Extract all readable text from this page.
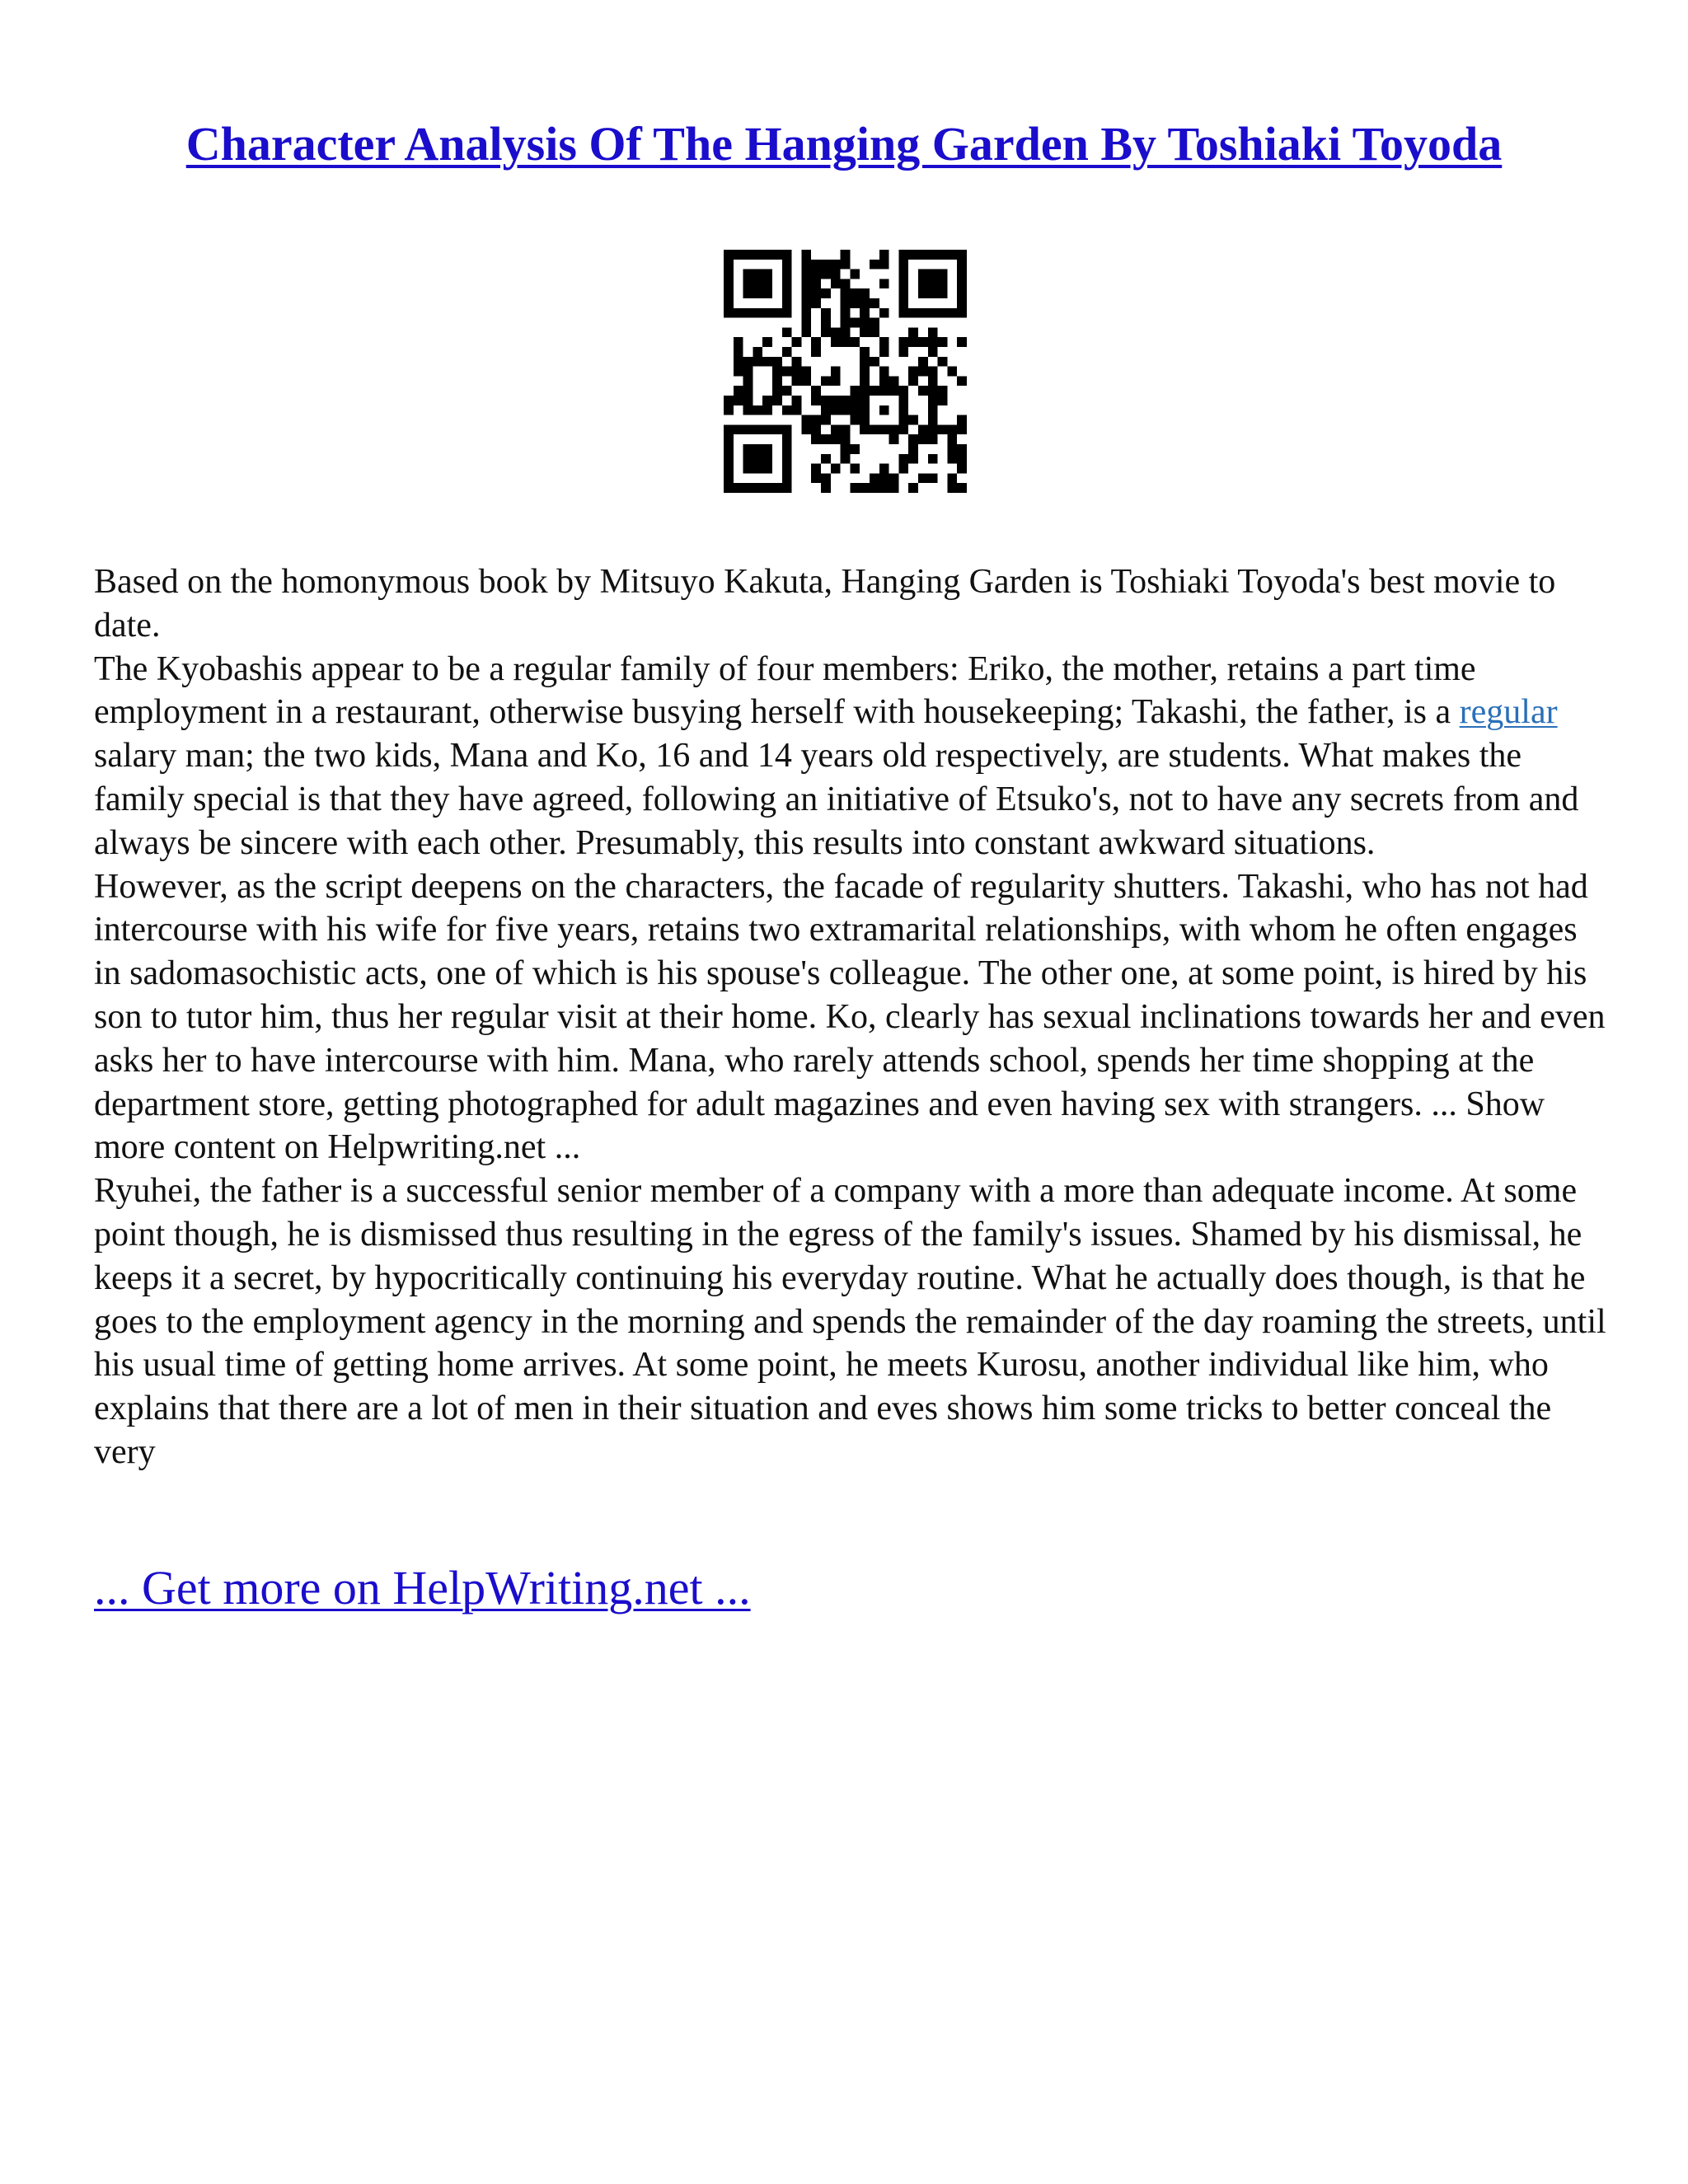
Character Analysis Of The Hanging Garden By Toshiaki Toyoda

Based on the homonymous book by Mitsuyo Kakuta, Hanging Garden is Toshiaki Toyoda's best movie to date.

The Kyobashis appear to be a regular family of four members: Eriko, the mother, retains a part time employment in a restaurant, otherwise busying herself with housekeeping; Takashi, the father, is a regular salary man; the two kids, Mana and Ko, 16 and 14 years old respectively, are students. What makes the family special is that they have agreed, following an initiative of Etsuko's, not to have any secrets from and always be sincere with each other. Presumably, this results into constant awkward situations.

However, as the script deepens on the characters, the facade of regularity shutters. Takashi, who has not had intercourse with his wife for five years, retains two extramarital relationships, with whom he often engages in sadomasochistic acts, one of which is his spouse's colleague. The other one, at some point, is hired by his son to tutor him, thus her regular visit at their home. Ko, clearly has sexual inclinations towards her and even asks her to have intercourse with him. Mana, who rarely attends school, spends her time shopping at the department store, getting photographed for adult magazines and even having sex with strangers. ... Show more content on Helpwriting.net ...

Ryuhei, the father is a successful senior member of a company with a more than adequate income. At some point though, he is dismissed thus resulting in the egress of the family's issues. Shamed by his dismissal, he keeps it a secret, by hypocritically continuing his everyday routine. What he actually does though, is that he goes to the employment agency in the morning and spends the remainder of the day roaming the streets, until his usual time of getting home arrives. At some point, he meets Kurosu, another individual like him, who explains that there are a lot of men in their situation and eves shows him some tricks to better conceal the very

... Get more on HelpWriting.net ...
